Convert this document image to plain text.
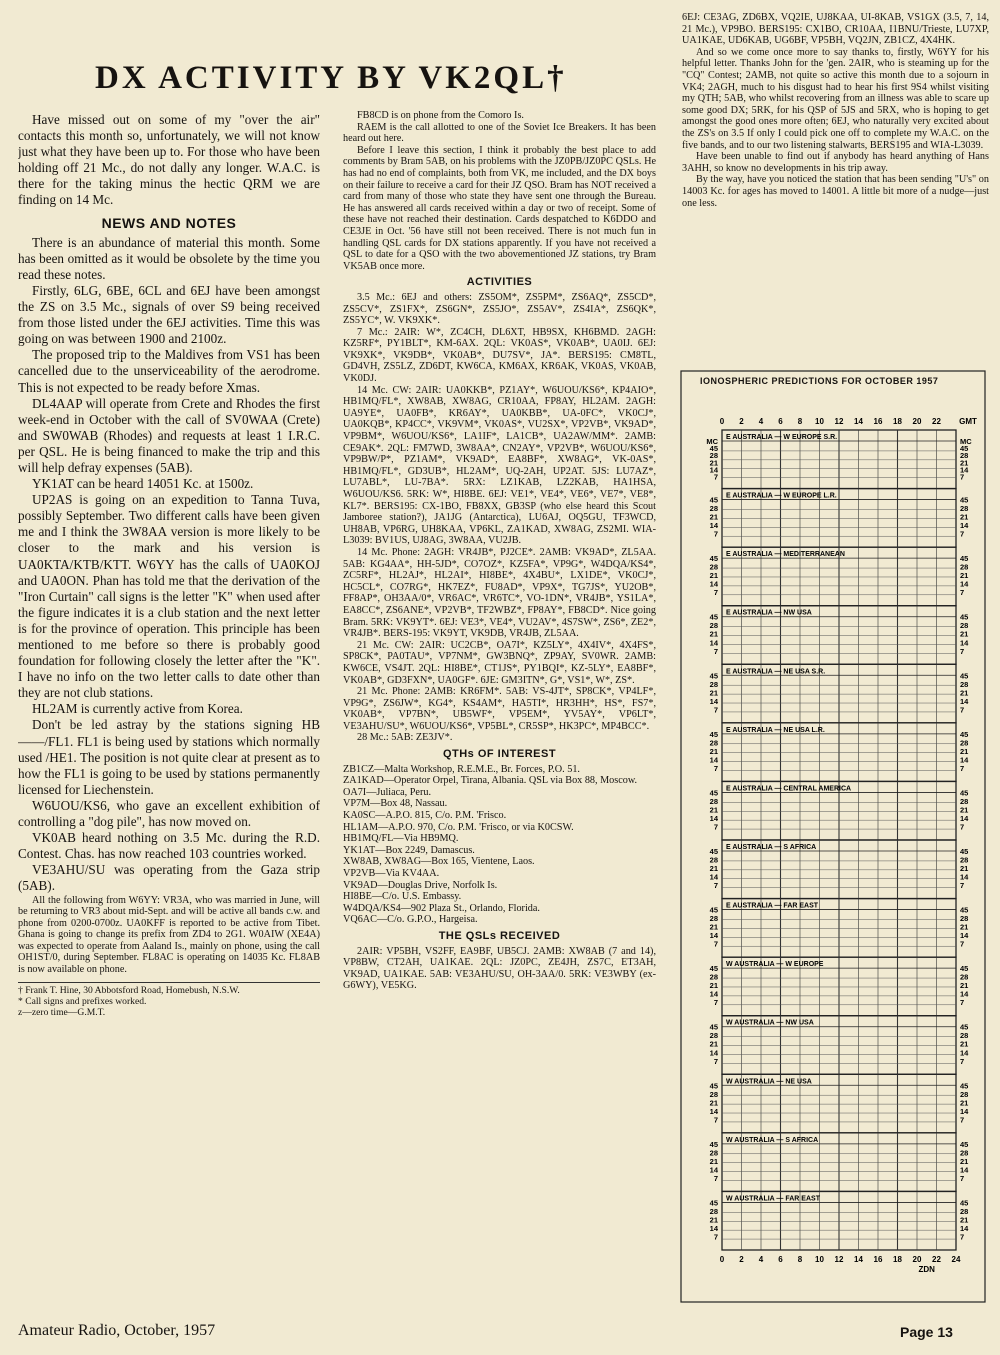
DX ACTIVITY BY VK2QL†

Have missed out on some of my "over the air" contacts this month so, unfortunately, we will not know just what they have been up to. For those who have been holding off 21 Mc., do not dally any longer. W.A.C. is there for the taking minus the hectic QRM we are finding on 14 Mc.

NEWS AND NOTES

There is an abundance of material this month. Some has been omitted as it would be obsolete by the time you read these notes.

Firstly, 6LG, 6BE, 6CL and 6EJ have been amongst the ZS on 3.5 Mc., signals of over S9 being received from those listed under the 6EJ activities. Time this was going on was between 1900 and 2100z.

The proposed trip to the Maldives from VS1 has been cancelled due to the unserviceability of the aerodrome. This is not expected to be ready before Xmas.

DL4AAP will operate from Crete and Rhodes the first week-end in October with the call of SV0WAA (Crete) and SW0WAB (Rhodes) and requests at least 1 I.R.C. per QSL. He is being financed to make the trip and this will help defray expenses (5AB).

YK1AT can be heard 14051 Kc. at 1500z.

UP2AS is going on an expedition to Tanna Tuva, possibly September. Two different calls have been given me and I think the 3W8AA version is more likely to be closer to the mark and his version is UA0KTA/KTB/KTT. W6YY has the calls of UA0KOJ and UA0ON. Phan has told me that the derivation of the "Iron Curtain" call signs is the letter "K" when used after the figure indicates it is a club station and the next letter is for the province of operation. This principle has been mentioned to me before so there is probably good foundation for following closely the letter after the "K". I have no info on the two letter calls to date other than they are not club stations.

HL2AM is currently active from Korea.

Don't be led astray by the stations signing HB——/FL1. FL1 is being used by stations which normally used /HE1. The position is not quite clear at present as to how the FL1 is going to be used by stations permanently licensed for Liechenstein.

W6UOU/KS6, who gave an excellent exhibition of controlling a "dog pile", has now moved on.

VK0AB heard nothing on 3.5 Mc. during the R.D. Contest. Chas. has now reached 103 countries worked.

VE3AHU/SU was operating from the Gaza strip (5AB).

All the following from W6YY: VR3A, who was married in June, will be returning to VR3 about mid-Sept. and will be active all bands c.w. and phone from 0200-0700z. UA0KFF is reported to be active from Tibet. Ghana is going to change its prefix from ZD4 to 2G1. W0AIW (XE4A) was expected to operate from Aaland Is., mainly on phone, using the call OH1ST/0, during September. FL8AC is operating on 14035 Kc. FL8AB is now available on phone.

† Frank T. Hine, 30 Abbotsford Road, Homebush, N.S.W.

* Call signs and prefixes worked.

z—zero time—G.M.T.

FB8CD is on phone from the Comoro Is.

RAEM is the call allotted to one of the Soviet Ice Breakers. It has been heard out here.

Before I leave this section, I think it probably the best place to add comments by Bram 5AB, on his problems with the JZ0PB/JZ0PC QSLs. He has had no end of complaints, both from VK, me included, and the DX boys on their failure to receive a card for their JZ QSO. Bram has NOT received a card from many of those who state they have sent one through the Bureau. He has answered all cards received within a day or two of receipt. Some of these have not reached their destination. Cards despatched to K6DDO and CE3JE in Oct. '56 have still not been received. There is not much fun in handling QSL cards for DX stations apparently. If you have not received a QSL to date for a QSO with the two abovementioned JZ stations, try Bram VK5AB once more.

ACTIVITIES

3.5 Mc.: 6EJ and others: ZS5OM*, ZS5PM*, ZS6AQ*, ZS5CD*, ZS5CV*, ZS1FX*, ZS6GN*, ZS5JO*, ZS5AV*, ZS4IA*, ZS6QK*, ZS5YC*, W. VK9XK*.

7 Mc.: 2AIR: W*, ZC4CH, DL6XT, HB9SX, KH6BMD. 2AGH: KZ5RF*, PY1BLT*, KM-6AX. 2QL: VK0AS*, VK0AB*, UA0IJ. 6EJ: VK9XK*, VK9DB*, VK0AB*, DU7SV*, JA*. BERS195: CM8TL, GD4VH, ZS5LZ, ZD6DT, KW6CA, KM6AX, KR6AK, VK0AS, VK0AB, VK0DJ.

14 Mc. CW: 2AIR: UA0KKB*, PZ1AY*, W6UOU/KS6*, KP4AIO*, HB1MQ/FL*, XW8AB, XW8AG, CR10AA, FP8AY, HL2AM. 2AGH: UA9YE*, UA0FB*, KR6AY*, UA0KBB*, UA-0FC*, VK0CJ*, UA0KQB*, KP4CC*, VK9VM*, VK0AS*, VU2SX*, VP2VB*, VK9AD*, VP9BM*, W6UOU/KS6*, LA1IF*, LA1CB*, UA2AW/MM*. 2AMB: CE9AK*. 2QL: FM7WD, 3W8AA*, CN2AY*, VP2VB*, W6UOU/KS6*, VP9BW/P*, PZ1AM*, VK9AD*, EA8BF*, XW8AG*, VK-0AS*, HB1MQ/FL*, GD3UB*, HL2AM*, UQ-2AH, UP2AT. 5JS: LU7AZ*, LU7ABL*, LU-7BA*. 5RX: LZ1KAB, LZ2KAB, HA1HSA, W6UOU/KS6. 5RK: W*, HI8BE. 6EJ: VE1*, VE4*, VE6*, VE7*, VE8*, KL7*. BERS195: CX-1BO, FB8XX, GB3SP (who else heard this Scout Jamboree station?), JA1JG (Antarctica), LU6AJ, OQ5GU, TF3WCD, UH8AB, VP6RG, UH8KAA, VP6KL, ZA1KAD, XW8AG, ZS2MI. WIA-L3039: BV1US, UJ8AG, 3W8AA, VU2JB.

14 Mc. Phone: 2AGH: VR4JB*, PJ2CE*. 2AMB: VK9AD*, ZL5AA. 5AB: KG4AA*, HH-5JD*, CO7OZ*, KZ5FA*, VP9G*, W4DQA/KS4*, ZC5RF*, HL2AJ*, HL2AI*, HI8BE*, 4X4BU*, LX1DE*, VK0CJ*, HC5CL*, CO7RG*, HK7EZ*, FU8AD*, VP9X*, TG7JS*, YU2OB*, FF8AP*, OH3AA/0*, VR6AC*, VR6TC*, VO-1DN*, VR4JB*, YS1LA*, EA8CC*, ZS6ANE*, VP2VB*, TF2WBZ*, FP8AY*, FB8CD*. Nice going Bram. 5RK: VK9YT*. 6EJ: VE3*, VE4*, VU2AV*, 4S7SW*, ZS6*, ZE2*, VR4JB*. BERS-195: VK9YT, VK9DB, VR4JB, ZL5AA.

21 Mc. CW: 2AIR: UC2CB*, OA7I*, KZ5LY*, 4X4IV*, 4X4FS*, SP8CK*, PA0TAU*, VP7NM*, GW3BNQ*, ZP9AY, SV0WR. 2AMB: KW6CE, VS4JT. 2QL: HI8BE*, CT1JS*, PY1BQI*, KZ-5LY*, EA8BF*, VK0AB*, GD3FXN*, UA0GF*. 6JE: GM3ITN*, G*, VS1*, W*, ZS*.

21 Mc. Phone: 2AMB: KR6FM*. 5AB: VS-4JT*, SP8CK*, VP4LF*, VP9G*, ZS6JW*, KG4*, KS4AM*, HA5TI*, HR3HH*, HS*, FS7*, VK0AB*, VP7BN*, UB5WF*, VP5EM*, YV5AY*, VP6LT*, VE3AHU/SU*, W6UOU/KS6*, VP5BL*, CR5SP*, HK3PC*, MP4BCC*.

28 Mc.: 5AB: ZE3JV*.

QTHs OF INTEREST

ZB1CZ—Malta Workshop, R.E.M.E., Br. Forces, P.O. 51.

ZA1KAD—Operator Orpel, Tirana, Albania. QSL via Box 88, Moscow.

OA7I—Juliaca, Peru.

VP7M—Box 48, Nassau.

KA0SC—A.P.O. 815, C/o. P.M. 'Frisco.

HL1AM—A.P.O. 970, C/o. P.M. 'Frisco, or via K0CSW.

HB1MQ/FL—Via HB9MQ.

YK1AT—Box 2249, Damascus.

XW8AB, XW8AG—Box 165, Vientene, Laos.

VP2VB—Via KV4AA.

VK9AD—Douglas Drive, Norfolk Is.

HI8BE—C/o. U.S. Embassy.

W4DQA/KS4—902 Plaza St., Orlando, Florida.

VQ6AC—C/o. G.P.O., Hargeisa.

THE QSLs RECEIVED

2AIR: VP5BH, VS2FF, EA9BF, UB5CJ. 2AMB: XW8AB (7 and 14), VP8BW, CT2AH, UA1KAE. 2QL: JZ0PC, ZE4JH, ZS7C, ET3AH, VK9AD, UA1KAE. 5AB: VE3AHU/SU, OH-3AA/0. 5RK: VE3WBY (ex-G6WY), VE5KG.

6EJ: CE3AG, ZD6BX, VQ2IE, UJ8KAA, UI-8KAB, VS1GX (3.5, 7, 14, 21 Mc.), VP9BO. BERS195: CX1BO, CR10AA, I1BNU/Trieste, LU7XP, UA1KAE, UD6KAB, UG6BF, VP5BH, VQ2JN, ZB1CZ, 4X4HK.

And so we come once more to say thanks to, firstly, W6YY for his helpful letter. Thanks John for the 'gen. 2AIR, who is steaming up for the "CQ" Contest; 2AMB, not quite so active this month due to a sojourn in VK4; 2AGH, much to his disgust had to hear his first 9S4 whilst visiting my QTH; 5AB, who whilst recovering from an illness was able to scare up some good DX; 5RK, for his QSP of 5JS and 5RX, who is hoping to get amongst the good ones more often; 6EJ, who naturally very excited about the ZS's on 3.5 If only I could pick one off to complete my W.A.C. on the five bands, and to our two listening stalwarts, BERS195 and WIA-L3039.

Have been unable to find out if anybody has heard anything of Hans 3AHH, so know no developments in his trip away.

By the way, have you noticed the station that has been sending "U's" on 14003 Kc. for ages has moved to 14001. A little bit more of a nudge—just one less.

IONOSPHERIC PREDICTIONS FOR OCTOBER 1957
0 2 4 6 8 10 12 14 16 18 20 22 GMT
0 2 4 6 8 10 12 14 16 18 20 22 24
ZDN
MC	MC
45	45
28	28
21	21
14	14
7	7
E AUSTRALIA — W EUROPE S.R.
45	45
28	28
21	21
14	14
7	7
E AUSTRALIA — W EUROPE L.R.
45	45
28	28
21	21
14	14
7	7
E AUSTRALIA — MEDITERRANEAN
45	45
28	28
21	21
14	14
7	7
E AUSTRALIA — NW USA
45	45
28	28
21	21
14	14
7	7
E AUSTRALIA — NE USA S.R.
45	45
28	28
21	21
14	14
7	7
E AUSTRALIA — NE USA L.R.
45	45
28	28
21	21
14	14
7	7
E AUSTRALIA — CENTRAL AMERICA
45	45
28	28
21	21
14	14
7	7
E AUSTRALIA — S AFRICA
45	45
28	28
21	21
14	14
7	7
E AUSTRALIA — FAR EAST
45	45
28	28
21	21
14	14
7	7
W AUSTRALIA — W EUROPE
45	45
28	28
21	21
14	14
7	7
W AUSTRALIA — NW USA
45	45
28	28
21	21
14	14
7	7
W AUSTRALIA — NE USA
45	45
28	28
21	21
14	14
7	7
W AUSTRALIA — S AFRICA
45	45
28	28
21	21
14	14
7	7
W AUSTRALIA — FAR EAST
Amateur Radio, October, 1957	Page 13
